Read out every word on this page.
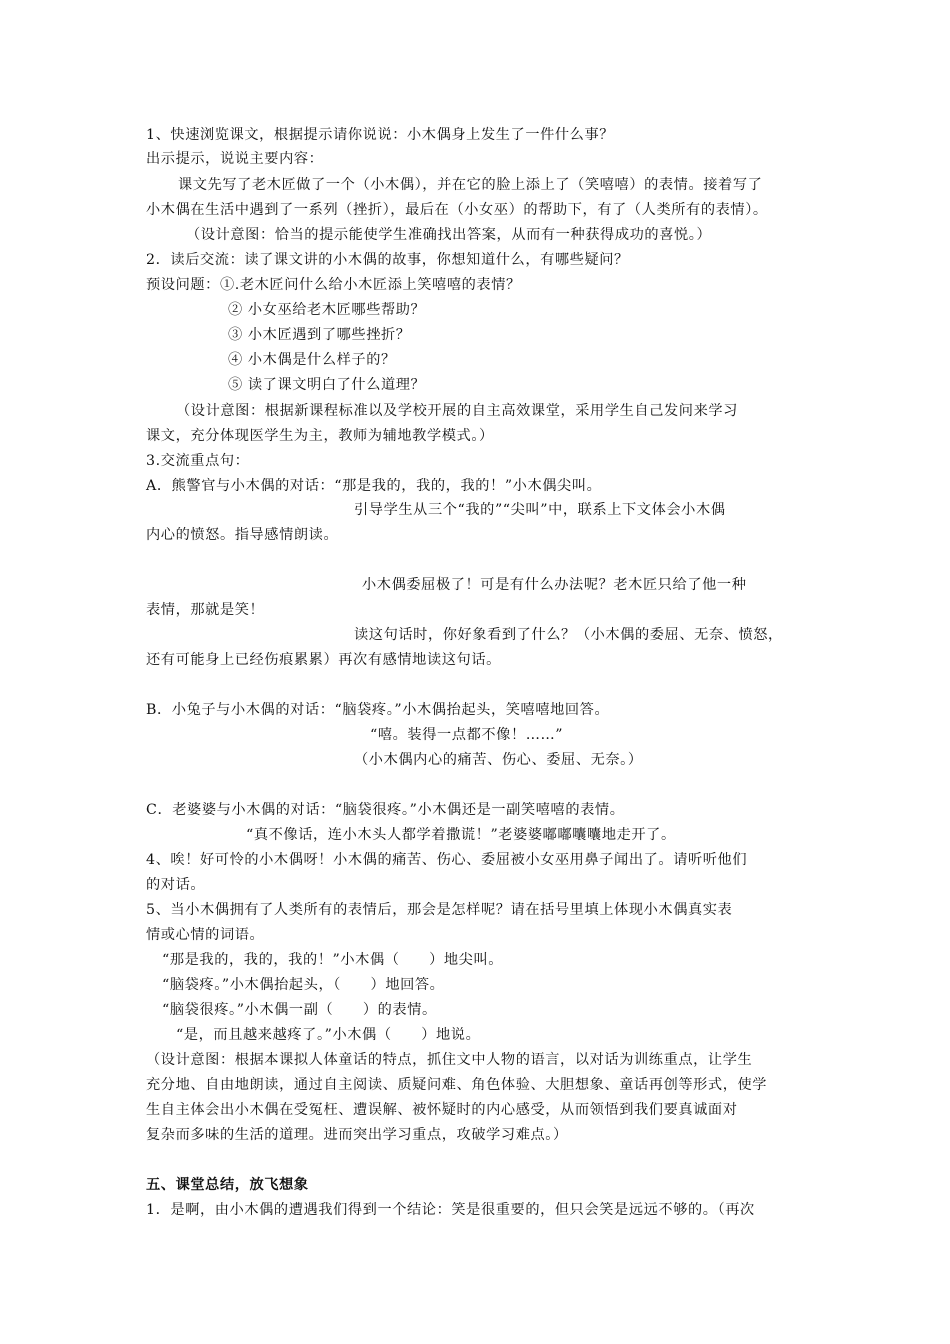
1、快速浏览课文，根据提示请你说说：小木偶身上发生了一件什么事？
出示提示，说说主要内容：
课文先写了老木匠做了一个（小木偶），并在它的脸上添上了（笑嘻嘻）的表情。接着写了
小木偶在生活中遇到了一系列（挫折），最后在（小女巫）的帮助下，有了（人类所有的表情）。
（设计意图：恰当的提示能使学生准确找出答案，从而有一种获得成功的喜悦。）
2．读后交流：读了课文讲的小木偶的故事，你想知道什么，有哪些疑问？
预设问题：①.老木匠问什么给小木匠添上笑嘻嘻的表情？
② 小女巫给老木匠哪些帮助？
③ 小木匠遇到了哪些挫折？
④ 小木偶是什么样子的？
⑤ 读了课文明白了什么道理？
（设计意图：根据新课程标准以及学校开展的自主高效课堂，采用学生自己发问来学习
课文，充分体现医学生为主，教师为辅地教学模式。）
3.交流重点句：
A．熊警官与小木偶的对话：“那是我的，我的，我的！”小木偶尖叫。
引导学生从三个“我的”“尖叫”中，联系上下文体会小木偶
内心的愤怒。指导感情朗读。
小木偶委屈极了！可是有什么办法呢？老木匠只给了他一种
表情，那就是笑！
读这句话时，你好象看到了什么？（小木偶的委屈、无奈、愤怒，
还有可能身上已经伤痕累累）再次有感情地读这句话。
B．小兔子与小木偶的对话：“脑袋疼。”小木偶抬起头，笑嘻嘻地回答。
“嘻。装得一点都不像！……”
（小木偶内心的痛苦、伤心、委屈、无奈。）
C．老婆婆与小木偶的对话：“脑袋很疼。”小木偶还是一副笑嘻嘻的表情。
“真不像话，连小木头人都学着撒谎！”老婆婆嘟嘟囔囔地走开了。
4、唉！好可怜的小木偶呀！小木偶的痛苦、伤心、委屈被小女巫用鼻子闻出了。请听听他们
的对话。
5、当小木偶拥有了人类所有的表情后，那会是怎样呢？请在括号里填上体现小木偶真实表
情或心情的词语。
“那是我的，我的，我的！”小木偶（　　）地尖叫。
“脑袋疼。”小木偶抬起头，（　　）地回答。
“脑袋很疼。”小木偶一副（　　）的表情。
“是，而且越来越疼了。”小木偶（　　）地说。
（设计意图：根据本课拟人体童话的特点，抓住文中人物的语言，以对话为训练重点，让学生
充分地、自由地朗读，通过自主阅读、质疑问难、角色体验、大胆想象、童话再创等形式，使学
生自主体会出小木偶在受冤枉、遭误解、被怀疑时的内心感受，从而领悟到我们要真诚面对
复杂而多味的生活的道理。进而突出学习重点，攻破学习难点。）
五、课堂总结，放飞想象
1．是啊，由小木偶的遭遇我们得到一个结论：笑是很重要的，但只会笑是远远不够的。（再次
